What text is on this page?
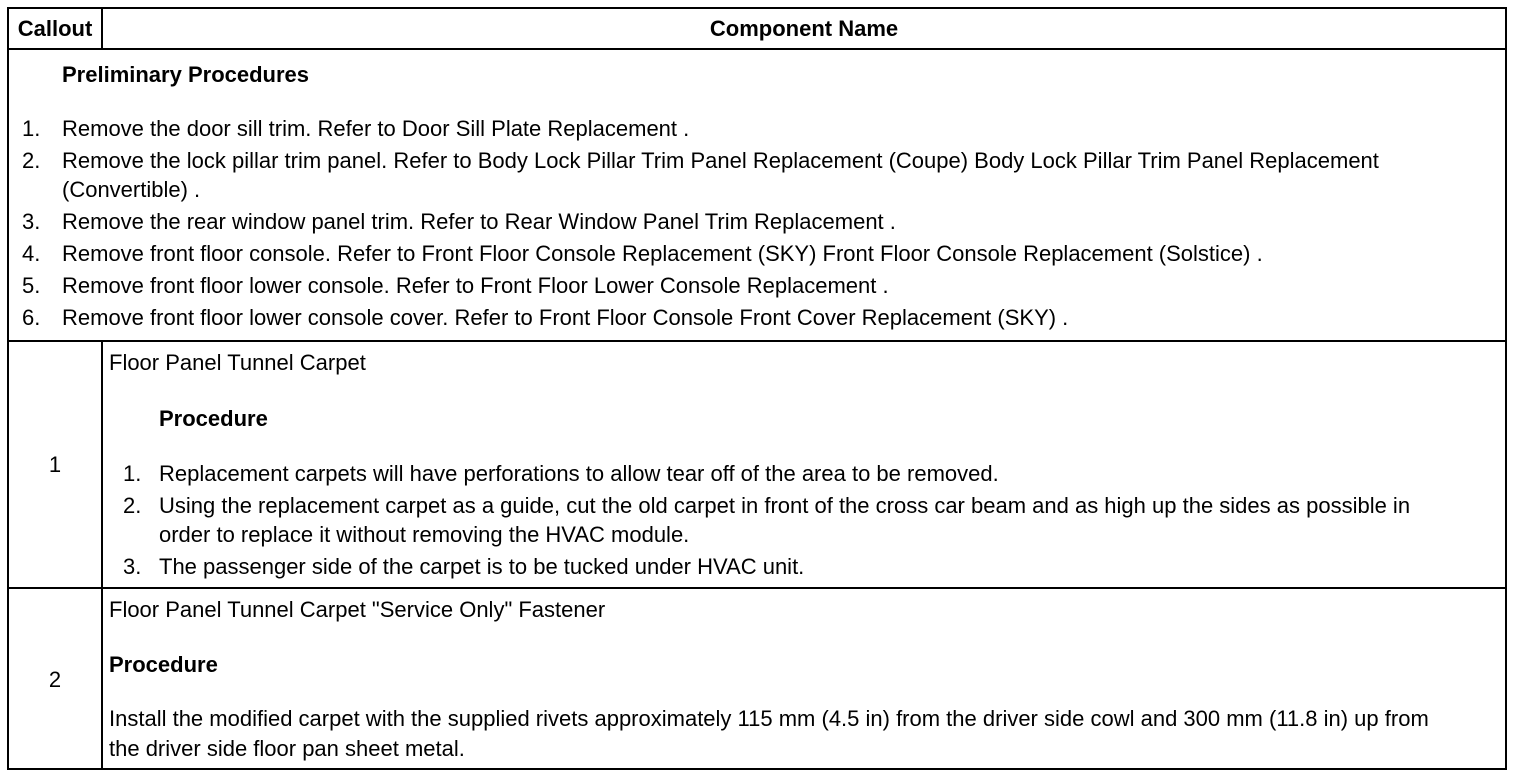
Callout	Component Name
Preliminary Procedures
1. Remove the door sill trim. Refer to Door Sill Plate Replacement .
2. Remove the lock pillar trim panel. Refer to Body Lock Pillar Trim Panel Replacement (Coupe) Body Lock Pillar Trim Panel Replacement (Convertible) .
3. Remove the rear window panel trim. Refer to Rear Window Panel Trim Replacement .
4. Remove front floor console. Refer to Front Floor Console Replacement (SKY) Front Floor Console Replacement (Solstice) .
5. Remove front floor lower console. Refer to Front Floor Lower Console Replacement .
6. Remove front floor lower console cover. Refer to Front Floor Console Front Cover Replacement (SKY) .
1
Floor Panel Tunnel Carpet
Procedure
1. Replacement carpets will have perforations to allow tear off of the area to be removed.
2. Using the replacement carpet as a guide, cut the old carpet in front of the cross car beam and as high up the sides as possible in order to replace it without removing the HVAC module.
3. The passenger side of the carpet is to be tucked under HVAC unit.
2
Floor Panel Tunnel Carpet "Service Only" Fastener
Procedure
Install the modified carpet with the supplied rivets approximately 115 mm (4.5 in) from the driver side cowl and 300 mm (11.8 in) up from the driver side floor pan sheet metal.
